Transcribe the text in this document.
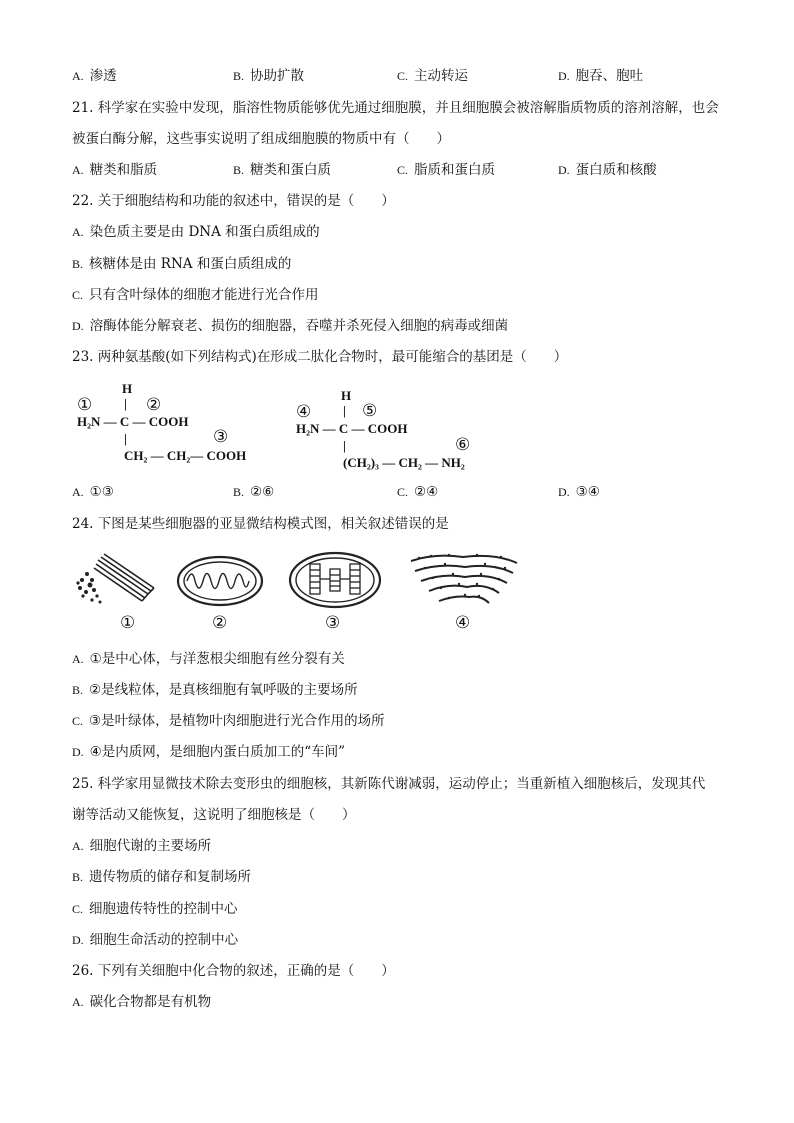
A. 渗透	B. 协助扩散	C. 主动转运	D. 胞吞、胞吐
21. 科学家在实验中发现，脂溶性物质能够优先通过细胞膜，并且细胞膜会被溶解脂质物质的溶剂溶解，也会
被蛋白酶分解，这些事实说明了组成细胞膜的物质中有（　　）
A. 糖类和脂质	B. 糖类和蛋白质	C. 脂质和蛋白质	D. 蛋白质和核酸
22. 关于细胞结构和功能的叙述中，错误的是（　　）
A. 染色质主要是由 DNA 和蛋白质组成的
B. 核糖体是由 RNA 和蛋白质组成的
C. 只有含叶绿体的细胞才能进行光合作用
D. 溶酶体能分解衰老、损伤的细胞器，吞噬并杀死侵入细胞的病毒或细菌
23. 两种氨基酸(如下列结构式)在形成二肽化合物时，最可能缩合的基团是（　　）
H
|
①	②
H₂N — C — COOH
③
|
CH₂ — CH₂— COOH
H
|
④	⑤
H₂N — C — COOH
⑥
|
(CH₂)₃ — CH₂ — NH₂
A. ①③	B. ②⑥	C. ②④	D. ③④
24. 下图是某些细胞器的亚显微结构模式图，相关叙述错误的是
①	②	③	④
A. ①是中心体，与洋葱根尖细胞有丝分裂有关
B. ②是线粒体，是真核细胞有氧呼吸的主要场所
C. ③是叶绿体，是植物叶肉细胞进行光合作用的场所
D. ④是内质网，是细胞内蛋白质加工的“车间”
25. 科学家用显微技术除去变形虫的细胞核，其新陈代谢减弱，运动停止；当重新植入细胞核后，发现其代
谢等活动又能恢复，这说明了细胞核是（　　）
A. 细胞代谢的主要场所
B. 遗传物质的储存和复制场所
C. 细胞遗传特性的控制中心
D. 细胞生命活动的控制中心
26. 下列有关细胞中化合物的叙述，正确的是（　　）
A. 碳化合物都是有机物
